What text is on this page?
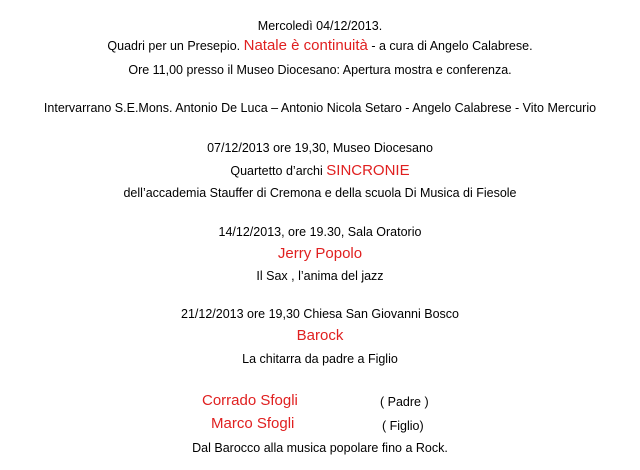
Mercoledì 04/12/2013.
Quadri per un Presepio. Natale è continuità - a cura di Angelo Calabrese.
Ore 11,00 presso il Museo Diocesano: Apertura mostra e conferenza.
Intervarrano S.E.Mons. Antonio De Luca – Antonio Nicola Setaro - Angelo Calabrese - Vito Mercurio
07/12/2013 ore 19,30, Museo Diocesano
Quartetto d’archi SINCRONIE
dell’accademia Stauffer di Cremona e della scuola Di Musica di Fiesole
14/12/2013, ore 19.30, Sala Oratorio
Jerry Popolo
Il Sax , l’anima del jazz
21/12/2013 ore 19,30 Chiesa San Giovanni Bosco
Barock
La chitarra da padre a Figlio
Corrado Sfogli	( Padre )
Marco Sfogli	( Figlio)
Dal Barocco alla musica popolare fino a Rock.
